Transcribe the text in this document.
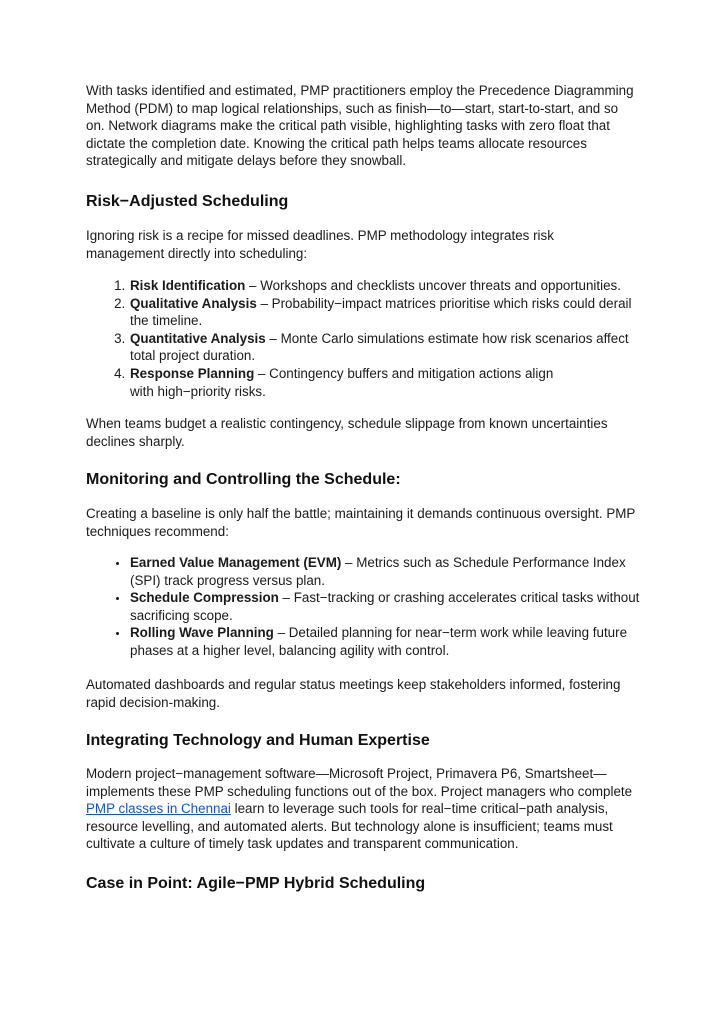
With tasks identified and estimated, PMP practitioners employ the Precedence Diagramming Method (PDM) to map logical relationships, such as finish—to—start, start-to-start, and so on. Network diagrams make the critical path visible, highlighting tasks with zero float that dictate the completion date. Knowing the critical path helps teams allocate resources strategically and mitigate delays before they snowball.
Risk−Adjusted Scheduling
Ignoring risk is a recipe for missed deadlines. PMP methodology integrates risk management directly into scheduling:
1. Risk Identification – Workshops and checklists uncover threats and opportunities.
2. Qualitative Analysis – Probability−impact matrices prioritise which risks could derail the timeline.
3. Quantitative Analysis – Monte Carlo simulations estimate how risk scenarios affect total project duration.
4. Response Planning – Contingency buffers and mitigation actions align with high−priority risks.
When teams budget a realistic contingency, schedule slippage from known uncertainties declines sharply.
Monitoring and Controlling the Schedule:
Creating a baseline is only half the battle; maintaining it demands continuous oversight. PMP techniques recommend:
• Earned Value Management (EVM) – Metrics such as Schedule Performance Index (SPI) track progress versus plan.
• Schedule Compression – Fast−tracking or crashing accelerates critical tasks without sacrificing scope.
• Rolling Wave Planning – Detailed planning for near−term work while leaving future phases at a higher level, balancing agility with control.
Automated dashboards and regular status meetings keep stakeholders informed, fostering rapid decision-making.
Integrating Technology and Human Expertise
Modern project−management software—Microsoft Project, Primavera P6, Smartsheet—implements these PMP scheduling functions out of the box. Project managers who complete PMP classes in Chennai learn to leverage such tools for real−time critical−path analysis, resource levelling, and automated alerts. But technology alone is insufficient; teams must cultivate a culture of timely task updates and transparent communication.
Case in Point: Agile−PMP Hybrid Scheduling
